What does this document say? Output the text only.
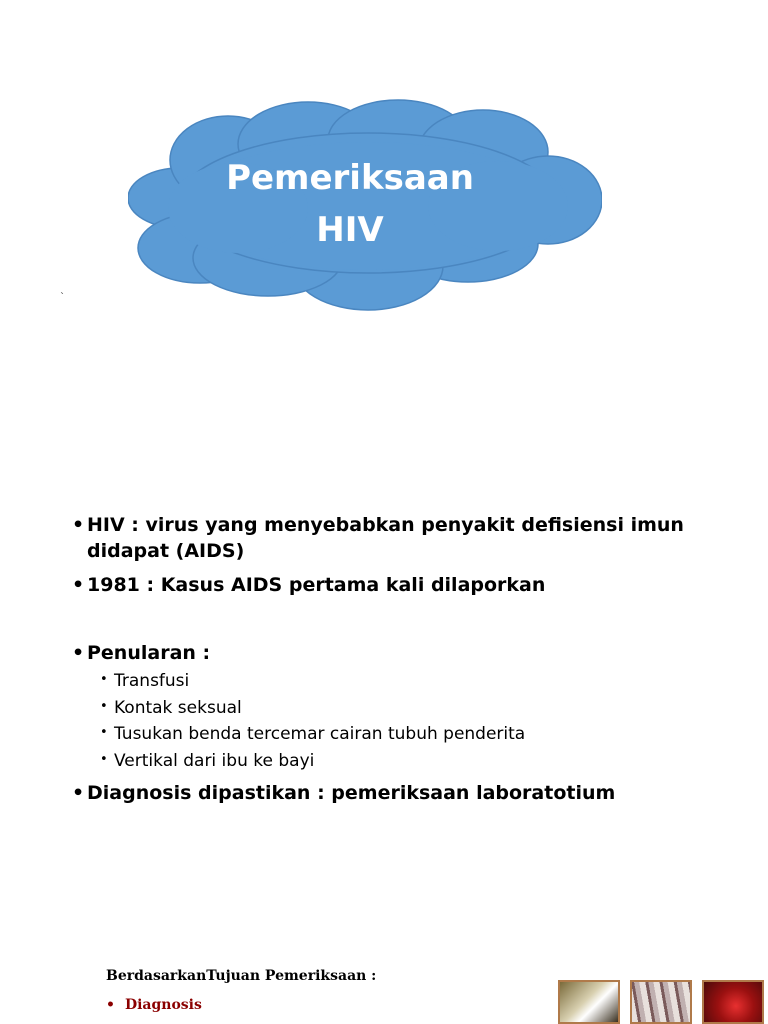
Pemeriksaan
HIV
`
• HIV : virus yang menyebabkan penyakit defisiensi imun didapat (AIDS)
• 1981 : Kasus AIDS pertama kali dilaporkan
• Penularan :
• Transfusi
• Kontak seksual
• Tusukan benda tercemar cairan tubuh penderita
• Vertikal dari ibu ke bayi
• Diagnosis dipastikan : pemeriksaan laboratotium
BerdasarkanTujuan Pemeriksaan :
• Diagnosis
